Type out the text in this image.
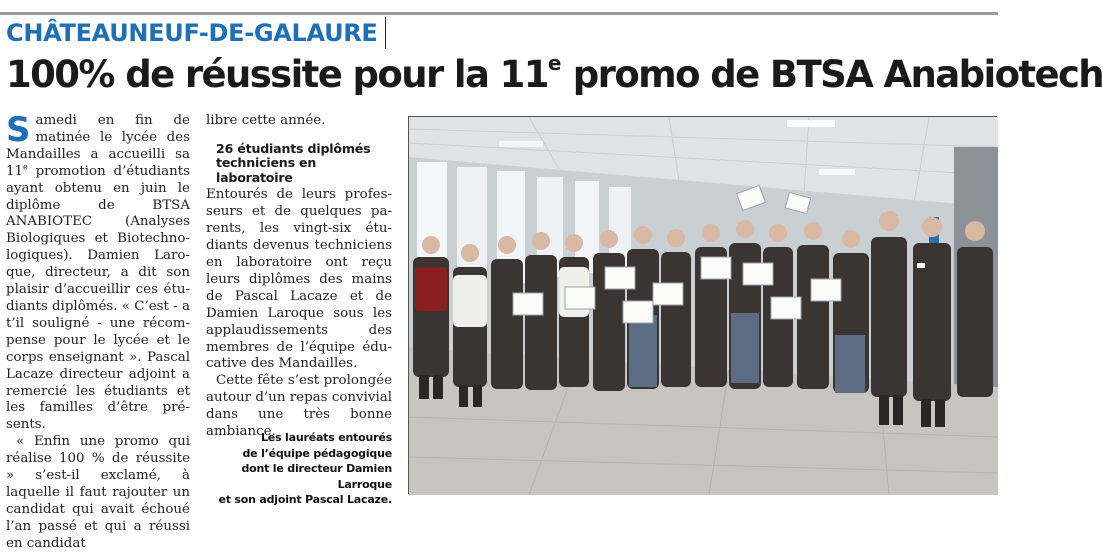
CHÂTEAUNEUF-DE-GALAURE
100% de réussite pour la 11e promo de BTSA Anabiotech

Samedi en fin de matinée le lycée des Mandailles a accueilli sa 11e promotion d’étudiants ayant obtenu en juin le diplôme de BTSA ANABIOTEC (Analyses Biologiques et Biotechnologiques). Damien Laroque, directeur, a dit son plaisir d’accueillir ces étudiants diplômés. « C’est - a t’il souligné - une récompense pour le lycée et le corps enseignant ». Pascal Lacaze directeur adjoint a remercié les étudiants et les familles d’être présents.

« Enfin une promo qui réalise 100 % de réussite » s’est-il exclamé, à laquelle il faut rajouter un candidat qui avait échoué l’an passé et qui a réussi en candidat

libre cette année.

26 étudiants diplômés techniciens en laboratoire

Entourés de leurs professeurs et de quelques parents, les vingt-six étudiants devenus techniciens en laboratoire ont reçu leurs diplômes des mains de Pascal Lacaze et de Damien Laroque sous les applaudissements des membres de l’équipe éducative des Mandailles.

Cette fête s’est prolongée autour d’un repas convivial dans une très bonne ambiance.

Les lauréats entourés
de l’équipe pédagogique
dont le directeur Damien Larroque
et son adjoint Pascal Lacaze.
